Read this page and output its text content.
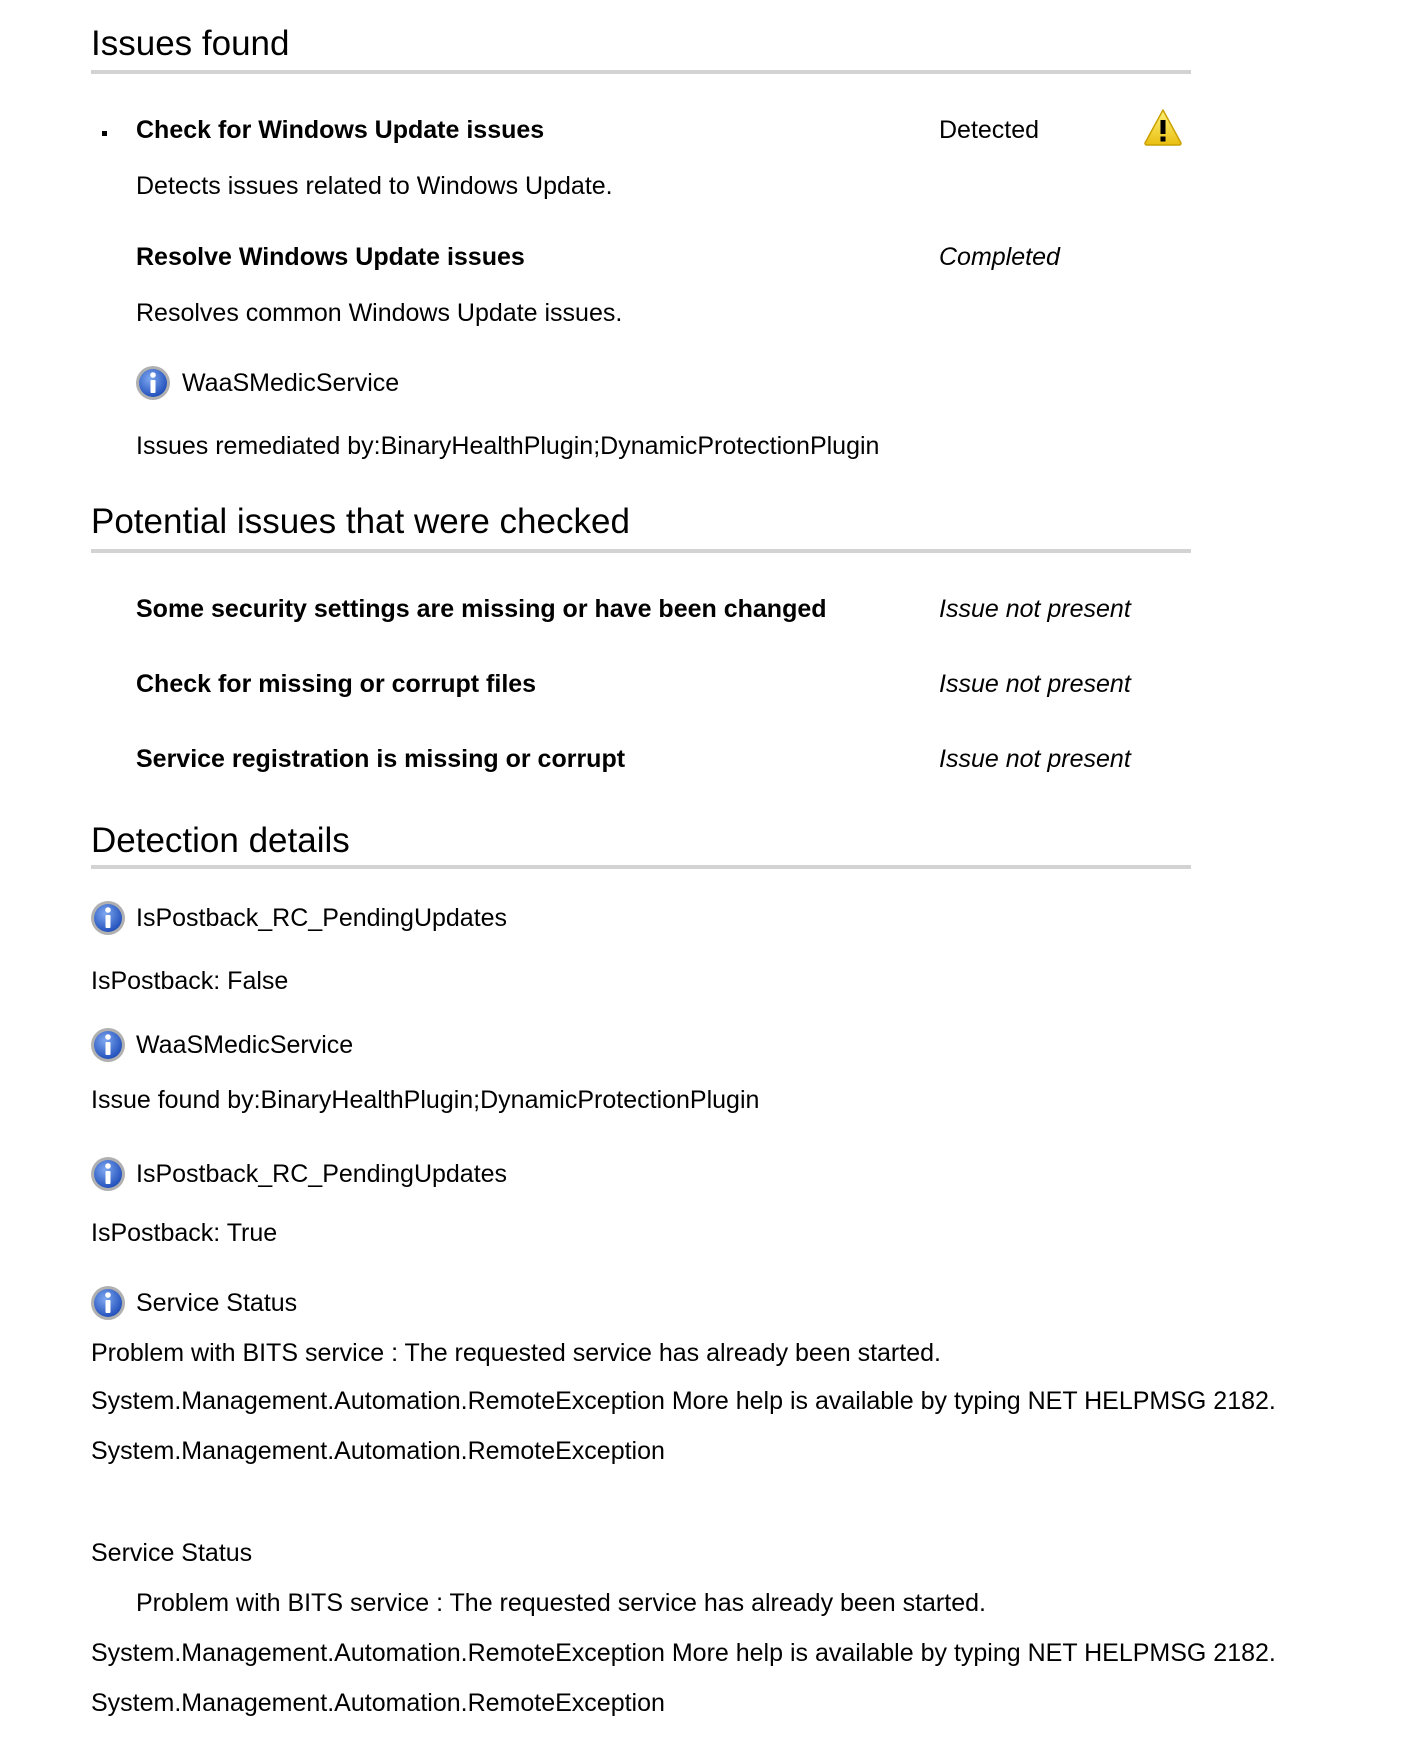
Issues found
Check for Windows Update issues	Detected
Detects issues related to Windows Update.
Resolve Windows Update issues	Completed
Resolves common Windows Update issues.
WaaSMedicService
Issues remediated by:BinaryHealthPlugin;DynamicProtectionPlugin
Potential issues that were checked
Some security settings are missing or have been changed	Issue not present
Check for missing or corrupt files	Issue not present
Service registration is missing or corrupt	Issue not present
Detection details
IsPostback_RC_PendingUpdates
IsPostback: False
WaaSMedicService
Issue found by:BinaryHealthPlugin;DynamicProtectionPlugin
IsPostback_RC_PendingUpdates
IsPostback: True
Service Status
Problem with BITS service : The requested service has already been started.
System.Management.Automation.RemoteException More help is available by typing NET HELPMSG 2182.
System.Management.Automation.RemoteException
Service Status
Problem with BITS service : The requested service has already been started.
System.Management.Automation.RemoteException More help is available by typing NET HELPMSG 2182.
System.Management.Automation.RemoteException
